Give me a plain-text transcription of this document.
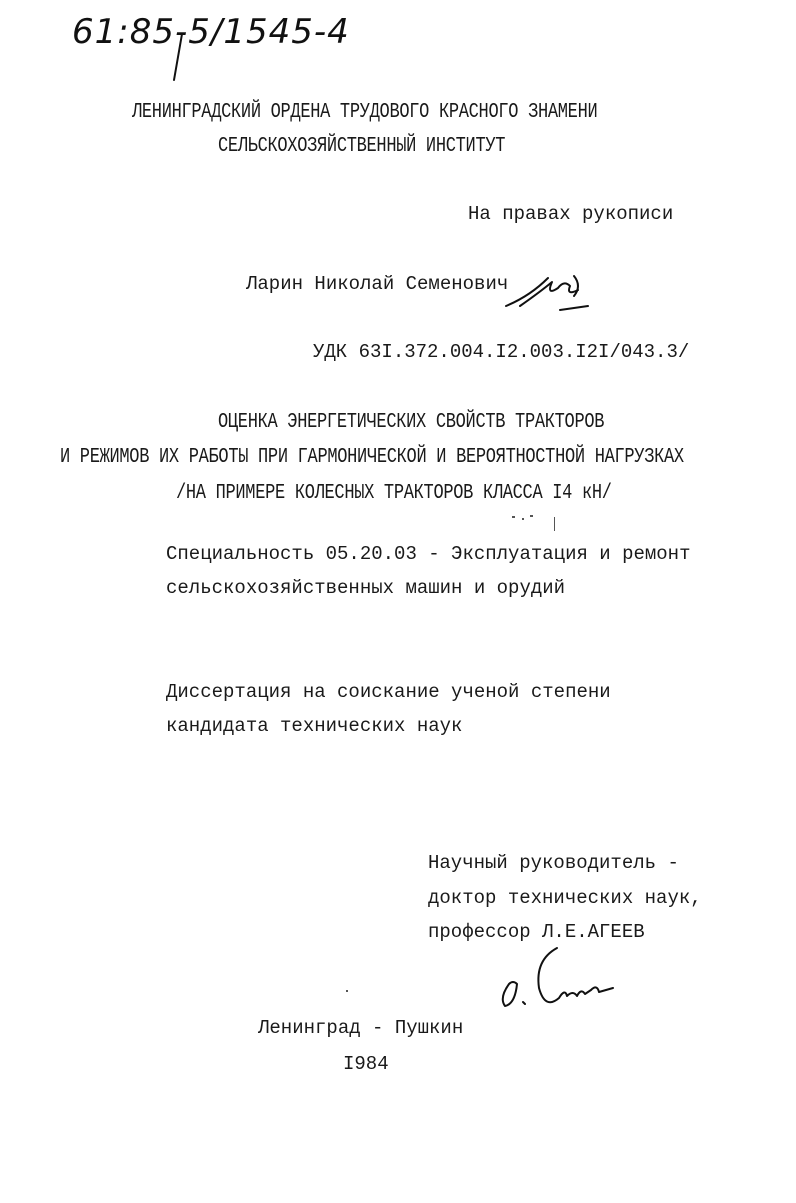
61:85-5/1545-4
ЛЕНИНГРАДСКИЙ ОРДЕНА ТРУДОВОГО КРАСНОГО ЗНАМЕНИ
СЕЛЬСКОХОЗЯЙСТВЕННЫЙ ИНСТИТУТ
На правах рукописи
Ларин Николай Семенович
УДК 63I.372.004.I2.003.I2I/043.3/
ОЦЕНКА ЭНЕРГЕТИЧЕСКИХ СВОЙСТВ ТРАКТОРОВ
И РЕЖИМОВ ИХ РАБОТЫ ПРИ ГАРМОНИЧЕСКОЙ И ВЕРОЯТНОСТНОЙ НАГРУЗКАХ
/НА ПРИМЕРЕ КОЛЕСНЫХ ТРАКТОРОВ КЛАССА I4 кН/
Специальность 05.20.03 - Эксплуатация и ремонт
сельскохозяйственных машин и орудий
Диссертация на соискание ученой степени
кандидата технических наук
Научный руководитель -
доктор технических наук,
профессор Л.Е.АГЕЕВ
Ленинград - Пушкин
I984
